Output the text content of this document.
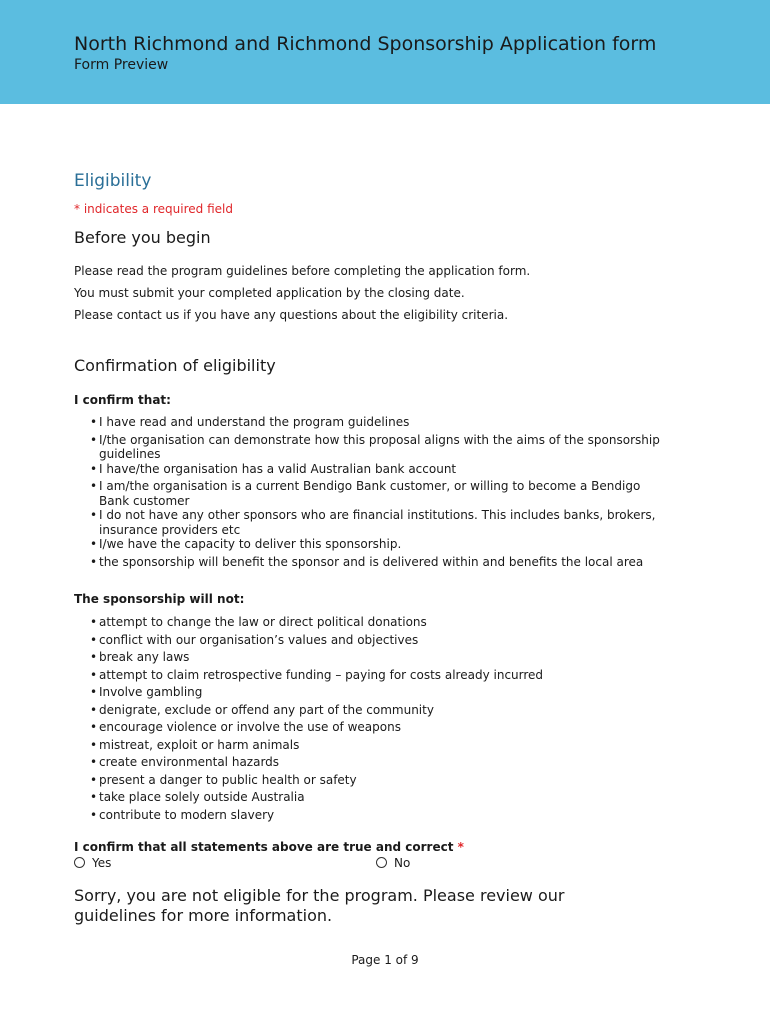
North Richmond and Richmond Sponsorship Application form
Form Preview
Eligibility
* indicates a required field
Before you begin
Please read the program guidelines before completing the application form.
You must submit your completed application by the closing date.
Please contact us if you have any questions about the eligibility criteria.
Confirmation of eligibility
I confirm that:
• I have read and understand the program guidelines
• I/the organisation can demonstrate how this proposal aligns with the aims of the sponsorship guidelines
• I have/the organisation has a valid Australian bank account
• I am/the organisation is a current Bendigo Bank customer, or willing to become a Bendigo Bank customer
• I do not have any other sponsors who are financial institutions. This includes banks, brokers, insurance providers etc
• I/we have the capacity to deliver this sponsorship.
• the sponsorship will benefit the sponsor and is delivered within and benefits the local area
The sponsorship will not:
• attempt to change the law or direct political donations
• conflict with our organisation’s values and objectives
• break any laws
• attempt to claim retrospective funding – paying for costs already incurred
• Involve gambling
• denigrate, exclude or offend any part of the community
• encourage violence or involve the use of weapons
• mistreat, exploit or harm animals
• create environmental hazards
• present a danger to public health or safety
• take place solely outside Australia
• contribute to modern slavery
I confirm that all statements above are true and correct *
Yes	No
Sorry, you are not eligible for the program. Please review our guidelines for more information.
Page 1 of 9
